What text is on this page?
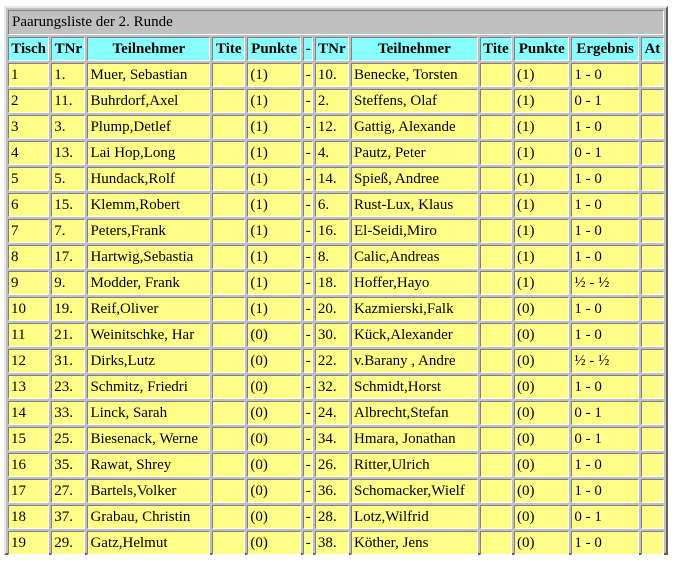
Paarungsliste der 2. Runde											
Tisch	TNr	Teilnehmer	Tite	Punkte	-	TNr	Teilnehmer	Tite	Punkte	Ergebnis	At
1	1.	Muer, Sebastian		(1)	-	10.	Benecke, Torsten		(1)	1 - 0	
2	11.	Buhrdorf,Axel		(1)	-	2.	Steffens, Olaf		(1)	0 - 1	
3	3.	Plump,Detlef		(1)	-	12.	Gattig, Alexande		(1)	1 - 0	
4	13.	Lai Hop,Long		(1)	-	4.	Pautz, Peter		(1)	0 - 1	
5	5.	Hundack,Rolf		(1)	-	14.	Spieß, Andree		(1)	1 - 0	
6	15.	Klemm,Robert		(1)	-	6.	Rust-Lux, Klaus		(1)	1 - 0	
7	7.	Peters,Frank		(1)	-	16.	El-Seidi,Miro		(1)	1 - 0	
8	17.	Hartwig,Sebastia		(1)	-	8.	Calic,Andreas		(1)	1 - 0	
9	9.	Modder, Frank		(1)	-	18.	Hoffer,Hayo		(1)	½ - ½	
10	19.	Reif,Oliver		(1)	-	20.	Kazmierski,Falk		(0)	1 - 0	
11	21.	Weinitschke, Har		(0)	-	30.	Kück,Alexander		(0)	1 - 0	
12	31.	Dirks,Lutz		(0)	-	22.	v.Barany , Andre		(0)	½ - ½	
13	23.	Schmitz, Friedri		(0)	-	32.	Schmidt,Horst		(0)	1 - 0	
14	33.	Linck, Sarah		(0)	-	24.	Albrecht,Stefan		(0)	0 - 1	
15	25.	Biesenack, Werne		(0)	-	34.	Hmara, Jonathan		(0)	0 - 1	
16	35.	Rawat, Shrey		(0)	-	26.	Ritter,Ulrich		(0)	1 - 0	
17	27.	Bartels,Volker		(0)	-	36.	Schomacker,Wielf		(0)	1 - 0	
18	37.	Grabau, Christin		(0)	-	28.	Lotz,Wilfrid		(0)	0 - 1	
19	29.	Gatz,Helmut		(0)	-	38.	Köther, Jens		(0)	1 - 0	
